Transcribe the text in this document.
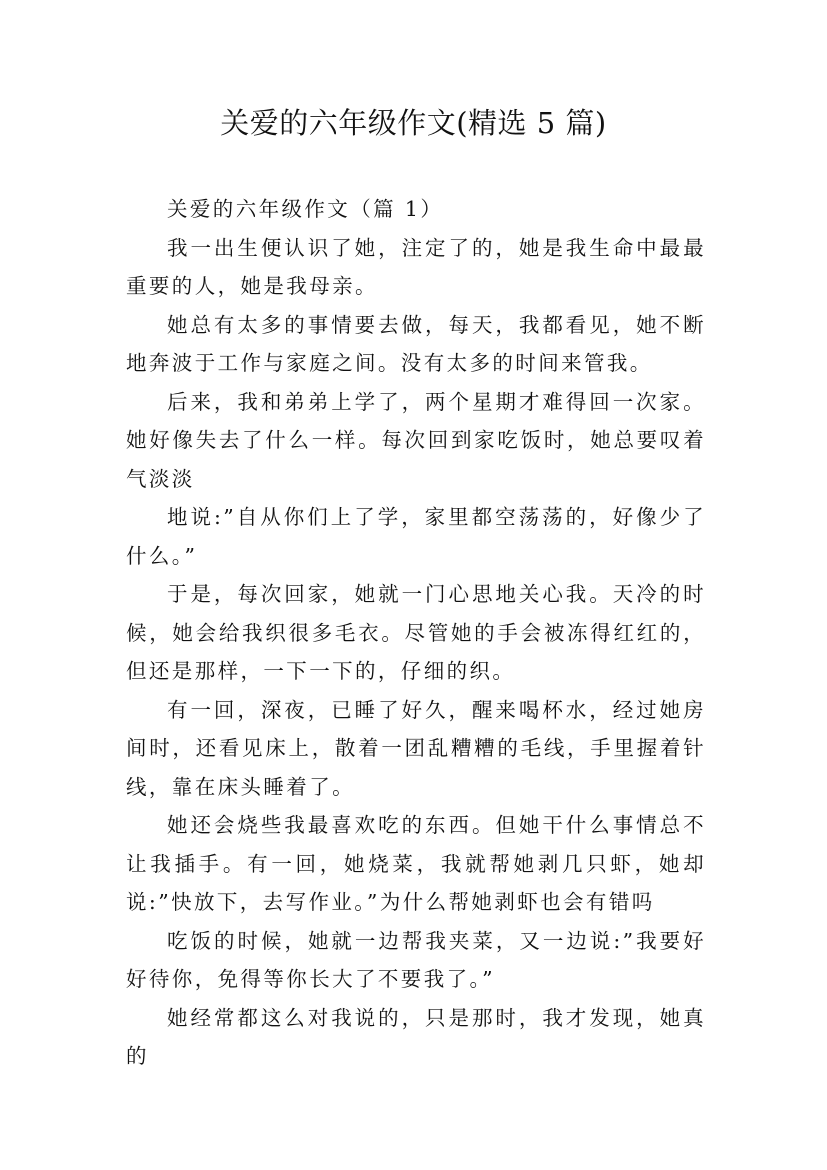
关爱的六年级作文(精选 5 篇)

关爱的六年级作文（篇 1）

我一出生便认识了她，注定了的，她是我生命中最最重要的人，她是我母亲。

她总有太多的事情要去做，每天，我都看见，她不断地奔波于工作与家庭之间。没有太多的时间来管我。

后来，我和弟弟上学了，两个星期才难得回一次家。她好像失去了什么一样。每次回到家吃饭时，她总要叹着气淡淡

地说:”自从你们上了学，家里都空荡荡的，好像少了什么。”

于是，每次回家，她就一门心思地关心我。天冷的时候，她会给我织很多毛衣。尽管她的手会被冻得红红的，但还是那样，一下一下的，仔细的织。

有一回，深夜，已睡了好久，醒来喝杯水，经过她房间时，还看见床上，散着一团乱糟糟的毛线，手里握着针线，靠在床头睡着了。

她还会烧些我最喜欢吃的东西。但她干什么事情总不让我插手。有一回，她烧菜，我就帮她剥几只虾，她却说:”快放下，去写作业。”为什么帮她剥虾也会有错吗

吃饭的时候，她就一边帮我夹菜，又一边说:”我要好好待你，免得等你长大了不要我了。”

她经常都这么对我说的，只是那时，我才发现，她真的
